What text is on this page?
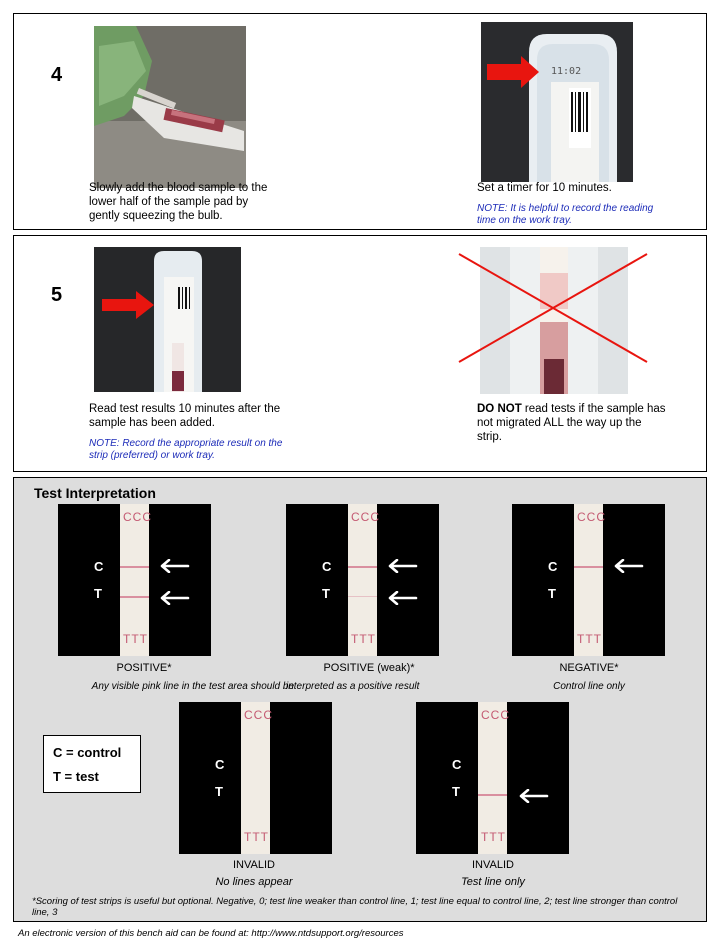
4
Slowly add the blood sample to the lower half of the sample pad by gently squeezing the bulb.
11:02
Set a timer for 10 minutes.
NOTE: It is helpful to record the reading time on the work tray.
5
Read test results 10 minutes after the sample has been added.
NOTE: Record the appropriate result on the strip (preferred) or work tray.
DO NOT read tests if the sample has not migrated ALL the way up the strip.
Test Interpretation
CCC
TTT
C
T
CCC
TTT
C
T
CCC
TTT
C
T
CCC
TTT
C
T
CCC
TTT
C
T
POSITIVE*
Any visible pink line in the test area should be
POSITIVE (weak)*
interpreted as a positive result
NEGATIVE*
Control line only
C = control
T = test
INVALID
No lines appear
INVALID
Test line only
*Scoring of test strips is useful but optional. Negative, 0; test line weaker than control line, 1; test line equal to control line, 2; test line stronger than control line, 3
An electronic version of this bench aid can be found at: http://www.ntdsupport.org/resources
